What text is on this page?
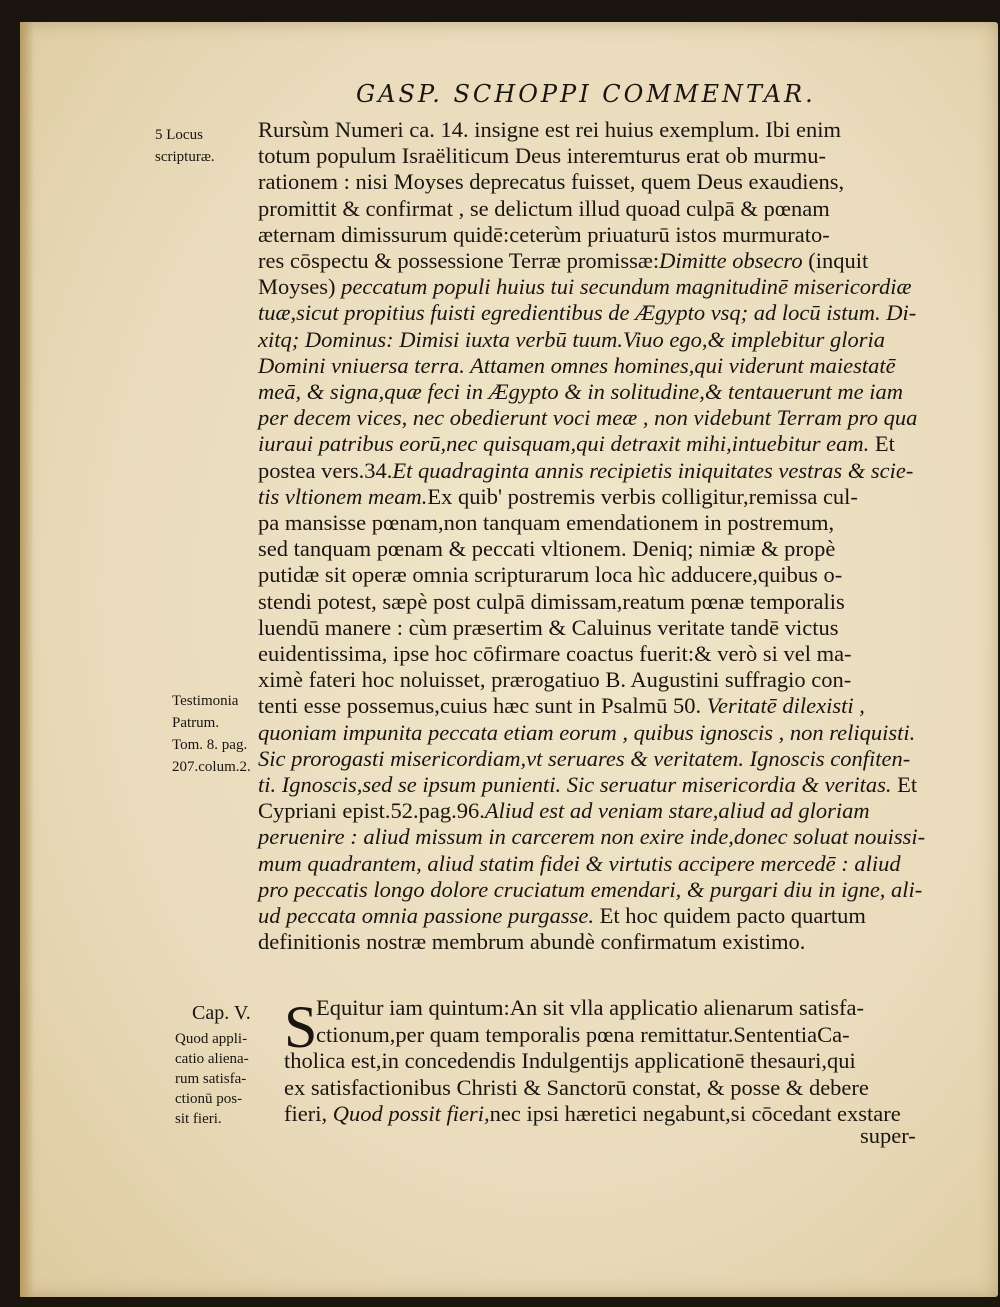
GASP. SCHOPPI COMMENTAR.
5 Locus
scripturæ.
Testimonia
Patrum.
Tom. 8. pag.
207.colum.2.
Cap. V.
Quod appli-
catio aliena-
rum satisfa-
ctionū pos-
sit fieri.
Rursùm Numeri ca. 14. insigne est rei huius exemplum. Ibi enim
totum populum Israëliticum Deus interemturus erat ob murmu-
rationem : nisi Moyses deprecatus fuisset, quem Deus exaudiens,
promittit & confirmat , se delictum illud quoad culpā & pœnam
æternam dimissurum quidē:ceterùm priuaturū istos murmurato-
res cōspectu & possessione Terræ promissæ:Dimitte obsecro (inquit
Moyses) peccatum populi huius tui secundum magnitudinē misericordiæ
tuæ,sicut propitius fuisti egredientibus de Ægypto vsq; ad locū istum. Di-
xitq; Dominus: Dimisi iuxta verbū tuum.Viuo ego,& implebitur gloria
Domini vniuersa terra. Attamen omnes homines,qui viderunt maiestatē
meā, & signa,quæ feci in Ægypto & in solitudine,& tentauerunt me iam
per decem vices, nec obedierunt voci meæ , non videbunt Terram pro qua
iuraui patribus eorū,nec quisquam,qui detraxit mihi,intuebitur eam. Et
postea vers.34.Et quadraginta annis recipietis iniquitates vestras & scie-
tis vltionem meam.Ex quib' postremis verbis colligitur,remissa cul-
pa mansisse pœnam,non tanquam emendationem in postremum,
sed tanquam pœnam & peccati vltionem. Deniq; nimiæ & propè
putidæ sit operæ omnia scripturarum loca hìc adducere,quibus o-
stendi potest, sæpè post culpā dimissam,reatum pœnæ temporalis
luendū manere : cùm præsertim & Caluinus veritate tandē victus
euidentissima, ipse hoc cōfirmare coactus fuerit:& verò si vel ma-
ximè fateri hoc noluisset, prærogatiuo B. Augustini suffragio con-
tenti esse possemus,cuius hæc sunt in Psalmū 50. Veritatē dilexisti ,
quoniam impunita peccata etiam eorum , quibus ignoscis , non reliquisti.
Sic prorogasti misericordiam,vt seruares & veritatem. Ignoscis confiten-
ti. Ignoscis,sed se ipsum punienti. Sic seruatur misericordia & veritas. Et
Cypriani epist.52.pag.96.Aliud est ad veniam stare,aliud ad gloriam
peruenire : aliud missum in carcerem non exire inde,donec soluat nouissi-
mum quadrantem, aliud statim fidei & virtutis accipere mercedē : aliud
pro peccatis longo dolore cruciatum emendari, & purgari diu in igne, ali-
ud peccata omnia passione purgasse. Et hoc quidem pacto quartum
definitionis nostræ membrum abundè confirmatum existimo.
S
Equitur iam quintum:An sit vlla applicatio alienarum satisfa-
ctionum,per quam temporalis pœna remittatur.SententiaCa-
tholica est,in concedendis Indulgentijs applicationē thesauri,qui
ex satisfactionibus Christi & Sanctorū constat, & posse & debere
fieri, Quod possit fieri,nec ipsi hæretici negabunt,si cōcedant exstare
super-
